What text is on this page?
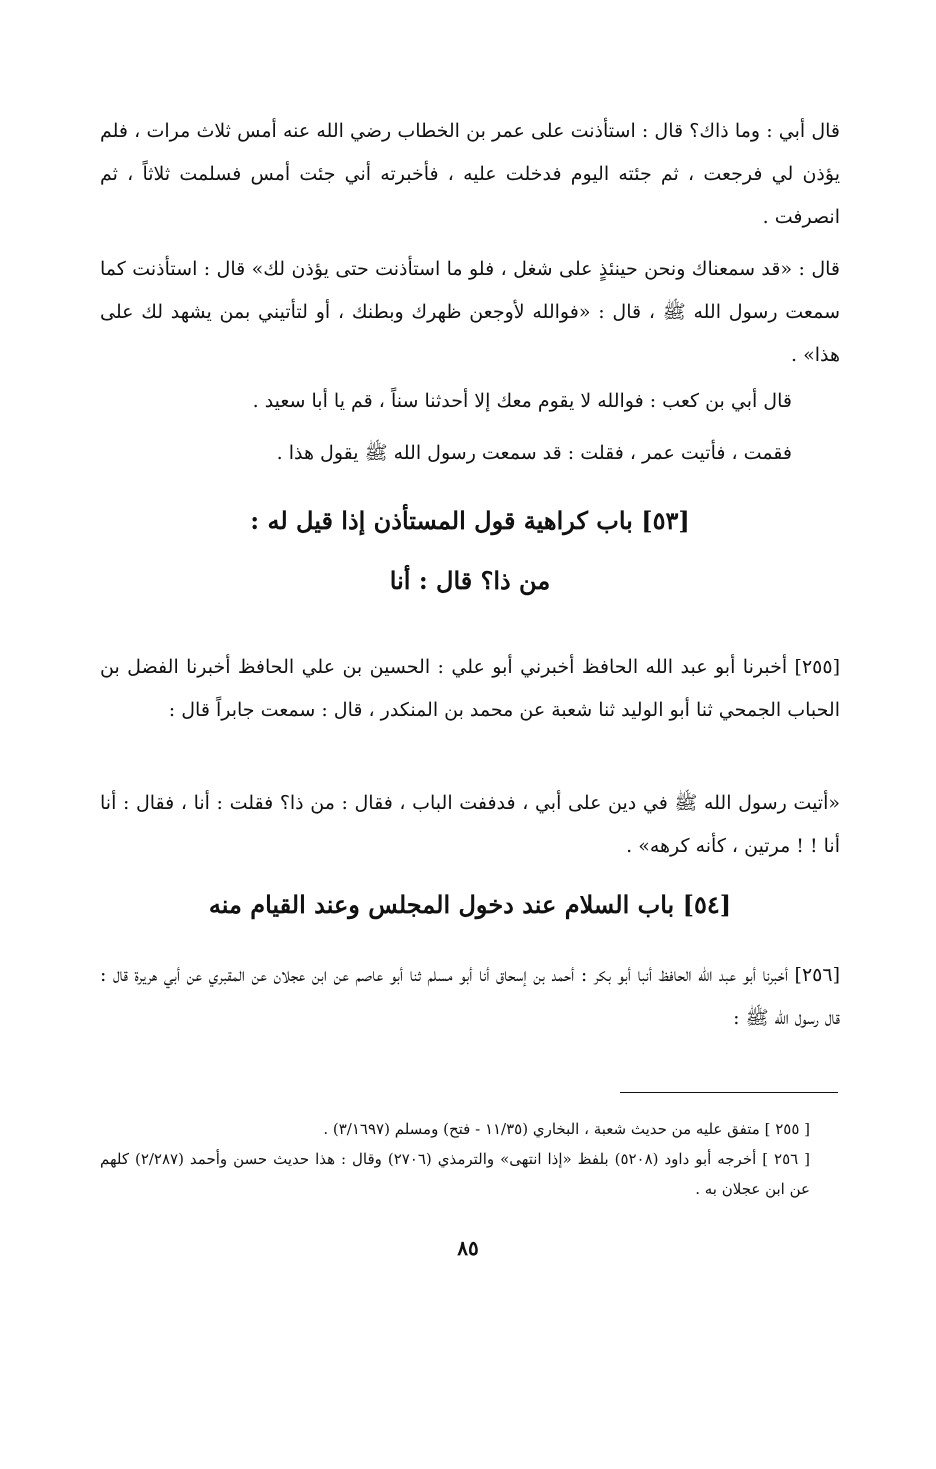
قال أبي : وما ذاك؟ قال : استأذنت على عمر بن الخطاب رضي الله عنه أمس ثلاث مرات ، فلم يؤذن لي فرجعت ، ثم جئته اليوم فدخلت عليه ، فأخبرته أني جئت أمس فسلمت ثلاثاً ، ثم انصرفت .

قال : «قد سمعناك ونحن حينئذٍ على شغل ، فلو ما استأذنت حتى يؤذن لك» قال : استأذنت كما سمعت رسول الله ﷺ ، قال : «فوالله لأوجعن ظهرك وبطنك ، أو لتأتيني بمن يشهد لك على هذا» .

قال أبي بن كعب : فوالله لا يقوم معك إلا أحدثنا سناً ، قم يا أبا سعيد .

فقمت ، فأتيت عمر ، فقلت : قد سمعت رسول الله ﷺ يقول هذا .

[٥٣] باب كراهية قول المستأذن إذا قيل له :
من ذا؟ قال : أنا

[٢٥٥] أخبرنا أبو عبد الله الحافظ أخبرني أبو علي : الحسين بن علي الحافظ أخبرنا الفضل بن الحباب الجمحي ثنا أبو الوليد ثنا شعبة عن محمد بن المنكدر ، قال : سمعت جابراً قال :

«أتيت رسول الله ﷺ في دين على أبي ، فدففت الباب ، فقال : من ذا؟ فقلت : أنا ، فقال : أنا أنا ! ! مرتين ، كأنه كرهه» .

[٥٤] باب السلام عند دخول المجلس وعند القيام منه

[٢٥٦] أخبرنا أبو عبد الله الحافظ أنبا أبو بكر : أحمد بن إسحاق أنا أبو مسلم ثنا أبو عاصم عن ابن عجلان عن المقبري عن أبي هريرة قال : قال رسول الله ﷺ :

[ ٢٥٥ ] متفق عليه من حديث شعبة ، البخاري (١١/٣٥ - فتح) ومسلم (٣/١٦٩٧) .

[ ٢٥٦ ] أخرجه أبو داود (٥٢٠٨) بلفظ «إذا انتهى» والترمذي (٢٧٠٦) وقال : هذا حديث حسن وأحمد (٢/٢٨٧) كلهم عن ابن عجلان به .

٨٥
